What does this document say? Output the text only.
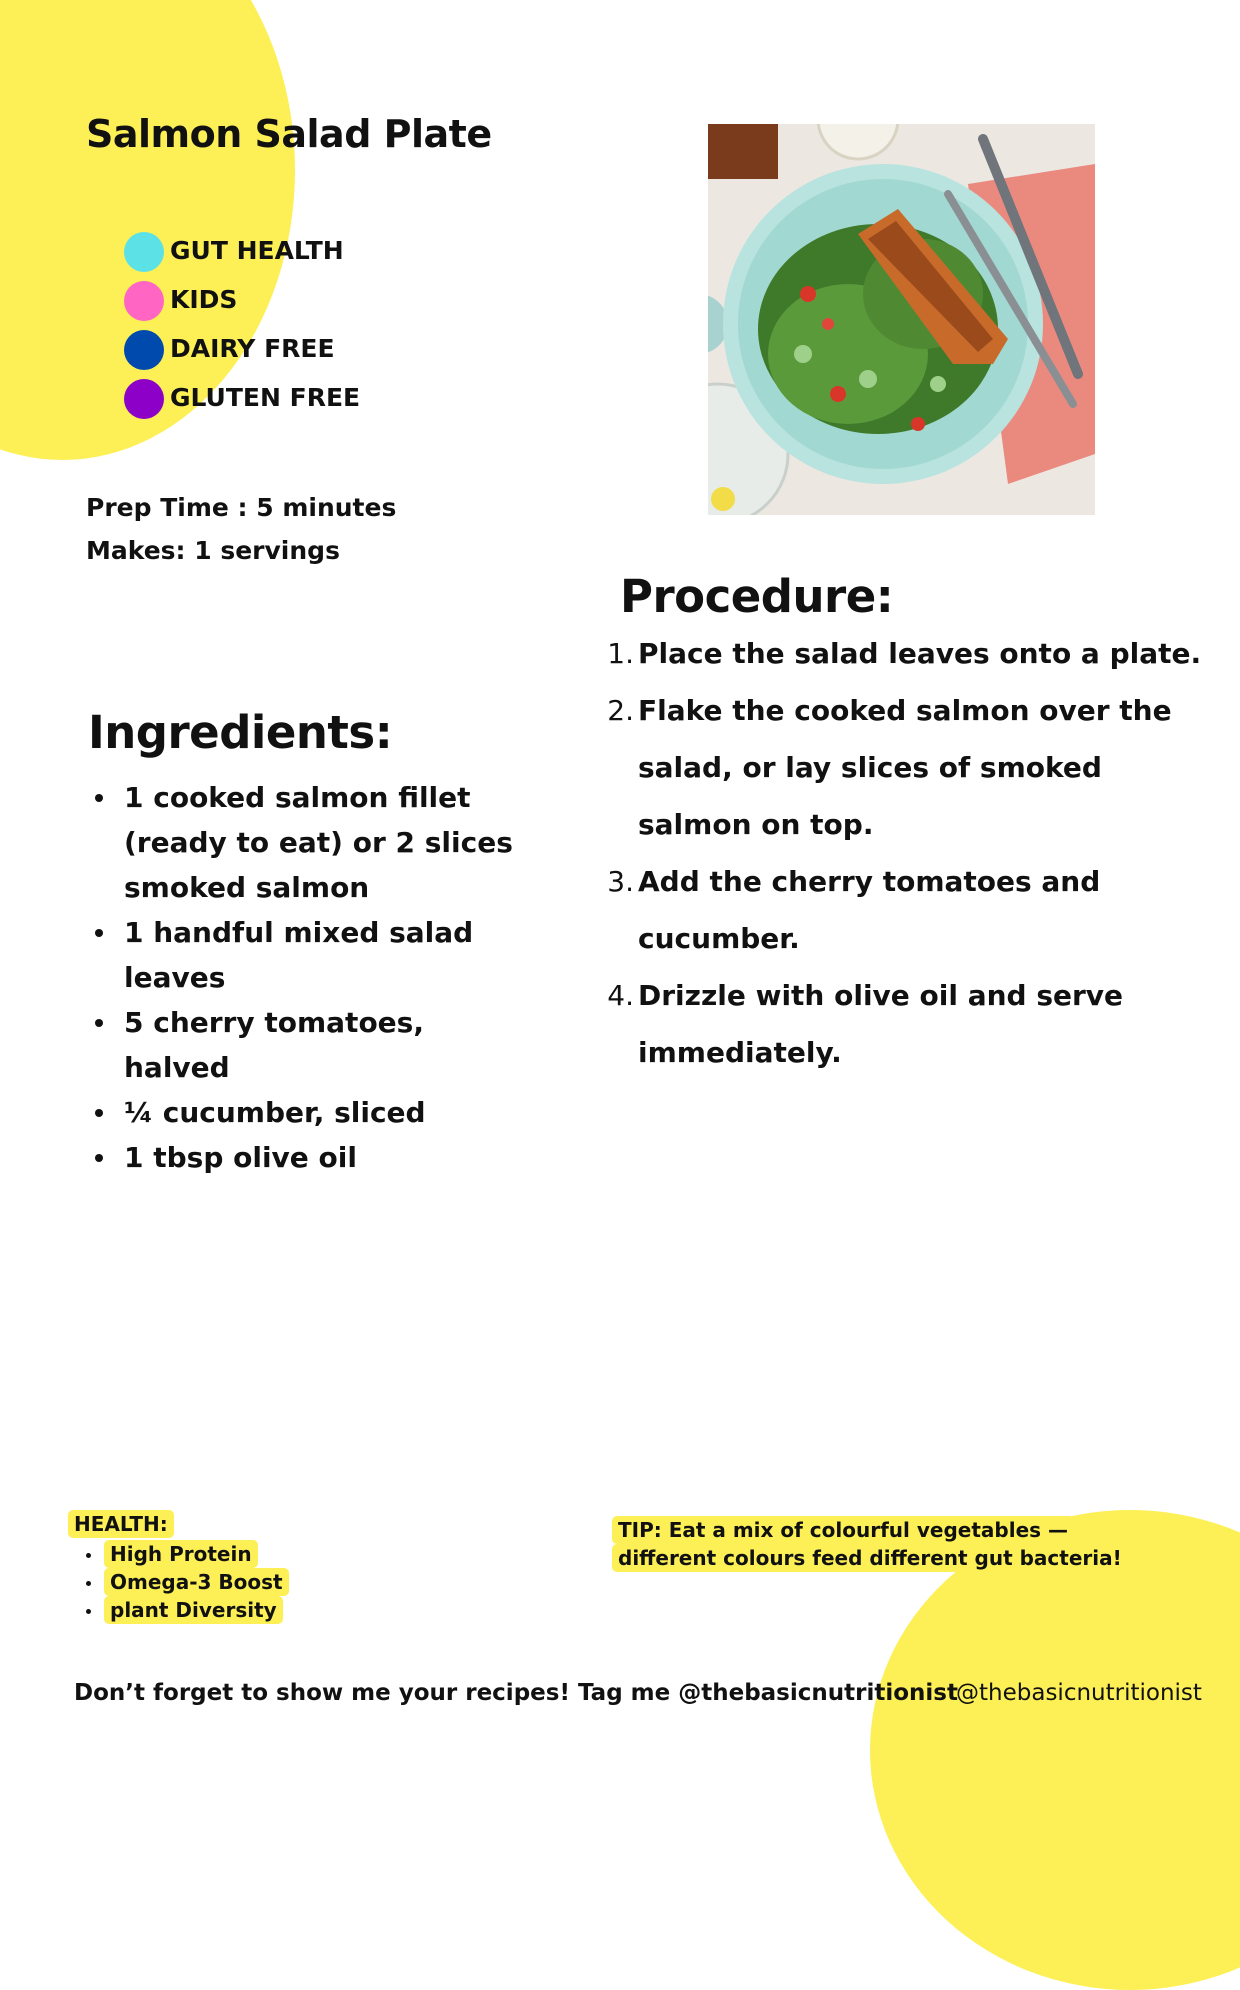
Salmon Salad Plate
GUT HEALTH
KIDS
DAIRY FREE
GLUTEN FREE
Prep Time : 5 minutes
Makes: 1 servings
Ingredients:
1 cooked salmon fillet (ready to eat) or 2 slices smoked salmon
1 handful mixed salad leaves
5 cherry tomatoes, halved
¼ cucumber, sliced
1 tbsp olive oil
Procedure:
1. Place the salad leaves onto a plate.
2. Flake the cooked salmon over the salad, or lay slices of smoked salmon on top.
3. Add the cherry tomatoes and cucumber.
4. Drizzle with olive oil and serve immediately.
HEALTH:
High Protein
Omega-3 Boost
plant Diversity
TIP: Eat a mix of colourful vegetables — different colours feed different gut bacteria!
Don’t forget to show me your recipes! Tag me @thebasicnutritionist
@thebasicnutritionist
